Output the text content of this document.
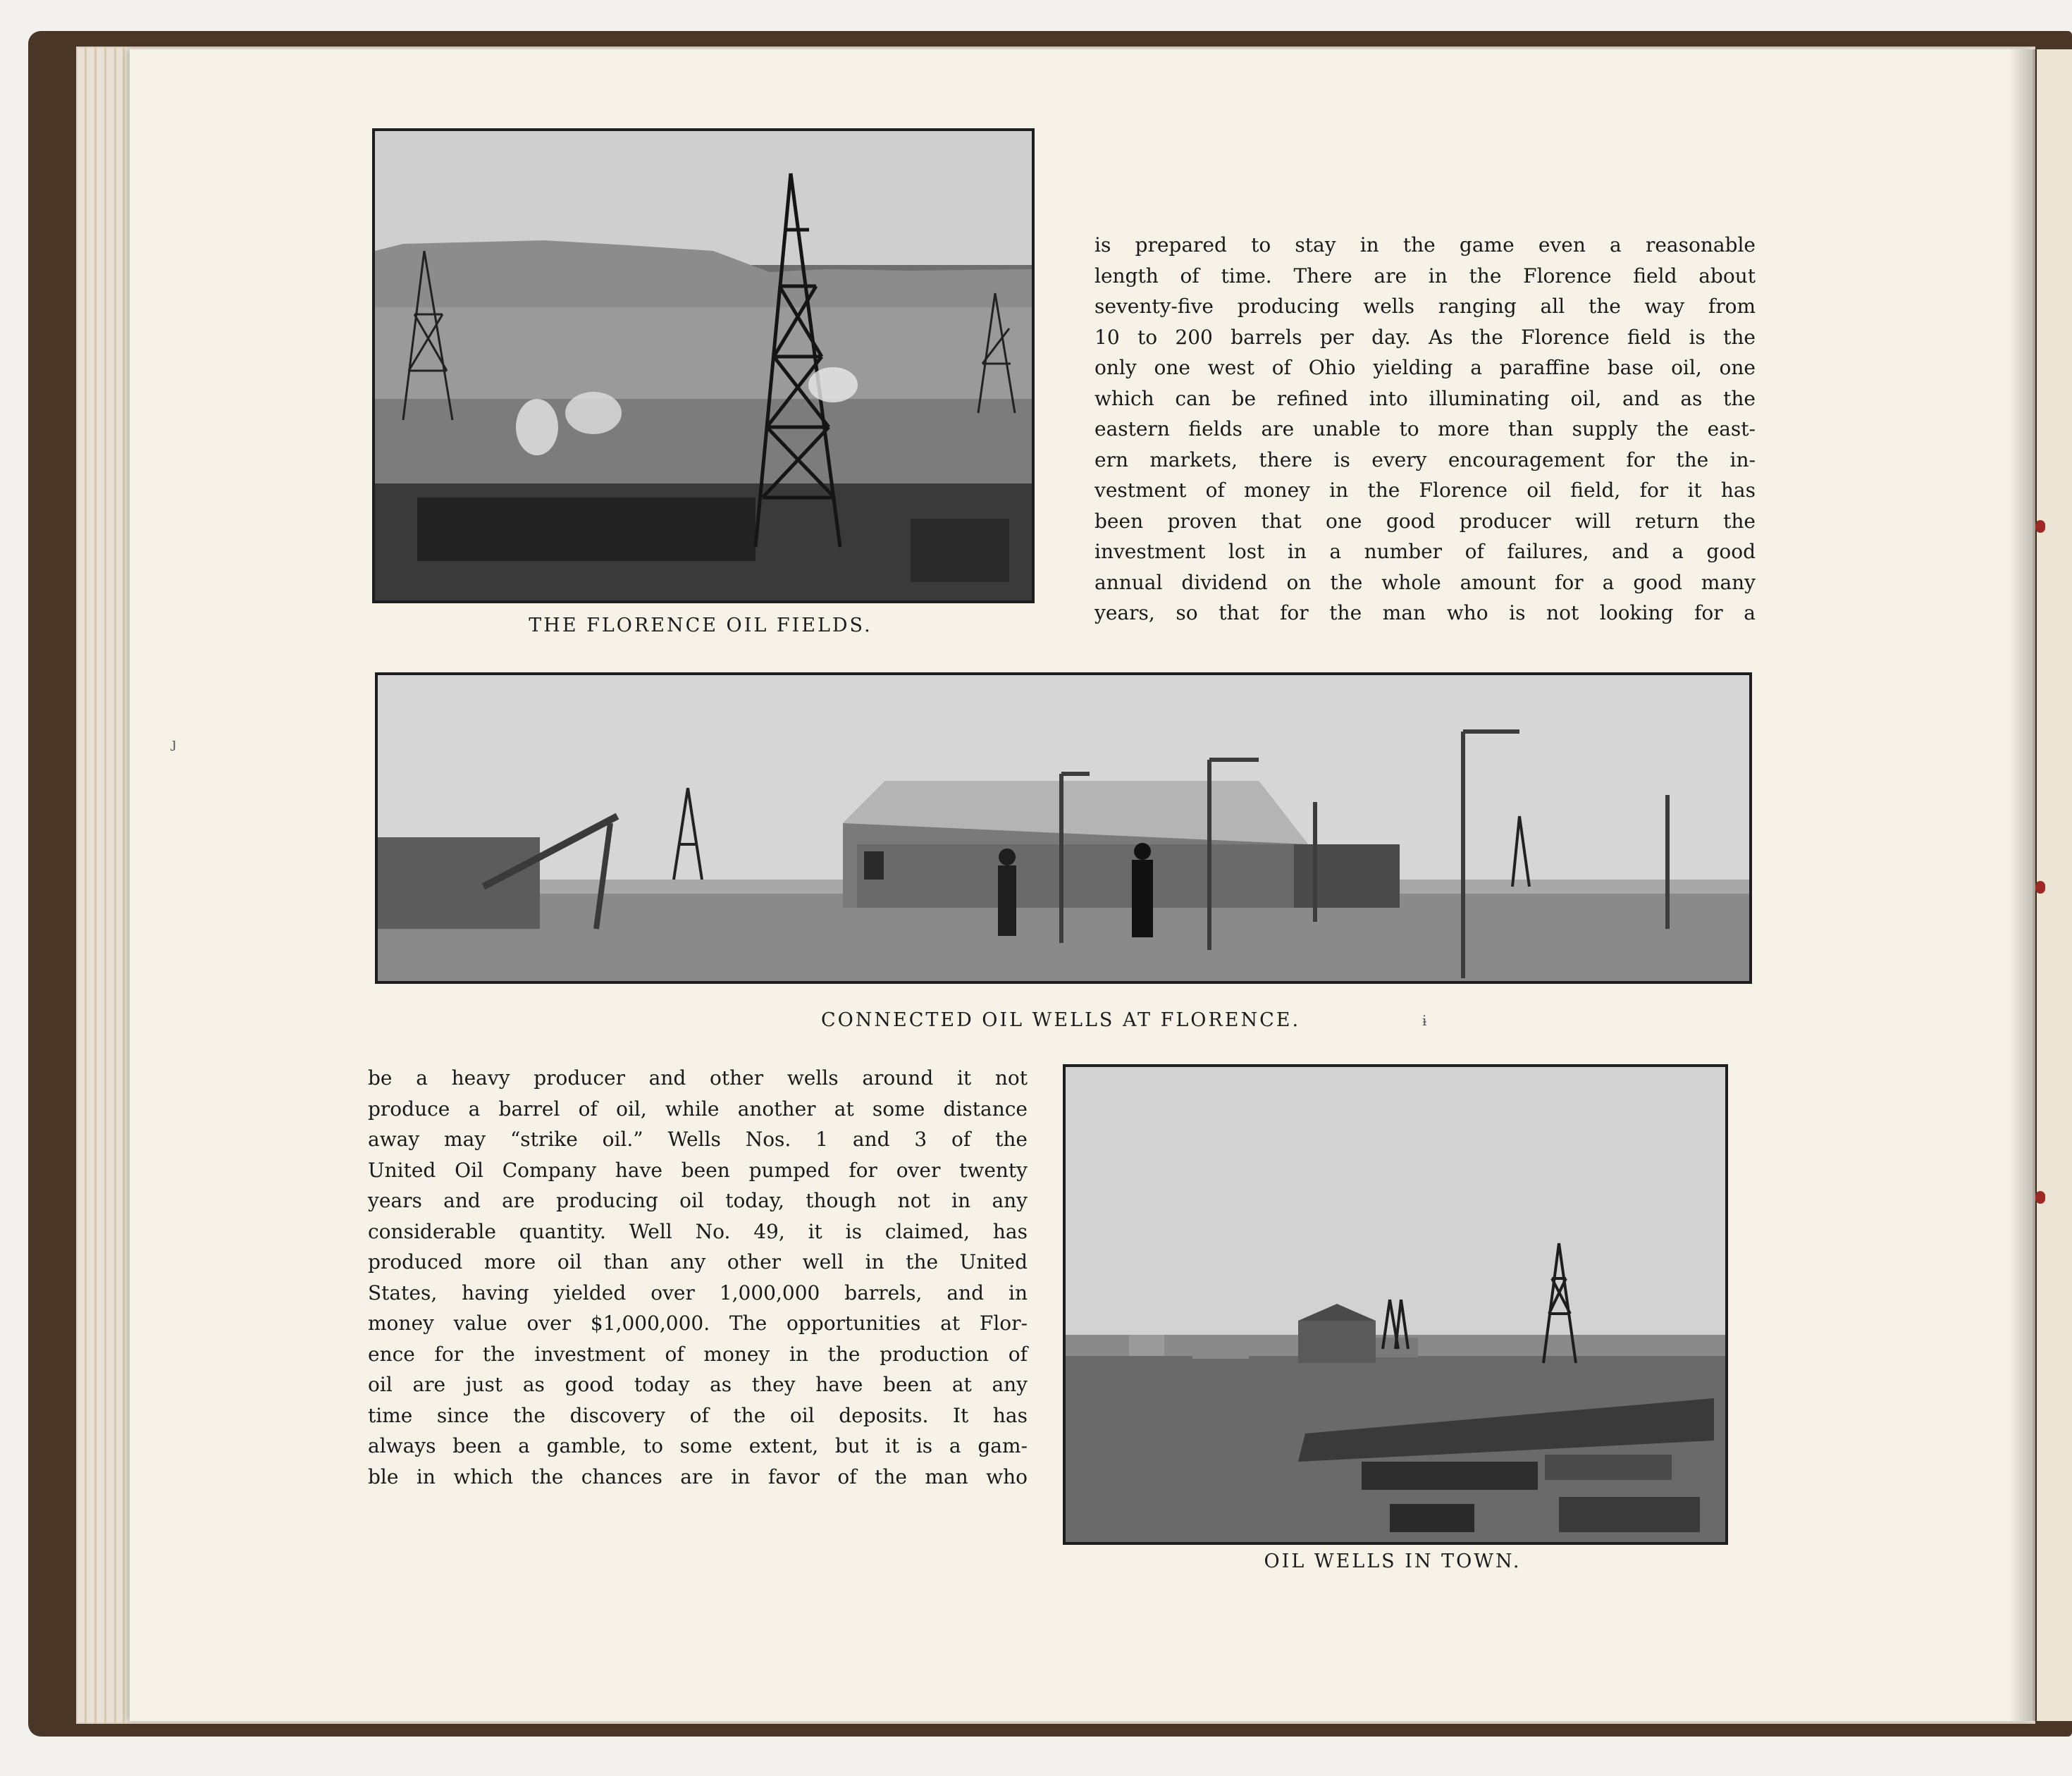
THE FLORENCE OIL FIELDS.
is prepared to stay in the game even a reasonable
length of time. There are in the Florence field about
seventy-five producing wells ranging all the way from
10 to 200 barrels per day. As the Florence field is the
only one west of Ohio yielding a paraffine base oil, one
which can be refined into illuminating oil, and as the
eastern fields are unable to more than supply the east-
ern markets, there is every encouragement for the in-
vestment of money in the Florence oil field, for it has
been proven that one good producer will return the
investment lost in a number of failures, and a good
annual dividend on the whole amount for a good many
years, so that for the man who is not looking for a
CONNECTED OIL WELLS AT FLORENCE.	ɨ
ȷ
be a heavy producer and other wells around it not
produce a barrel of oil, while another at some distance
away may “strike oil.” Wells Nos. 1 and 3 of the
United Oil Company have been pumped for over twenty
years and are producing oil today, though not in any
considerable quantity. Well No. 49, it is claimed, has
produced more oil than any other well in the United
States, having yielded over 1,000,000 barrels, and in
money value over $1,000,000. The opportunities at Flor-
ence for the investment of money in the production of
oil are just as good today as they have been at any
time since the discovery of the oil deposits. It has
always been a gamble, to some extent, but it is a gam-
ble in which the chances are in favor of the man who
OIL WELLS IN TOWN.
